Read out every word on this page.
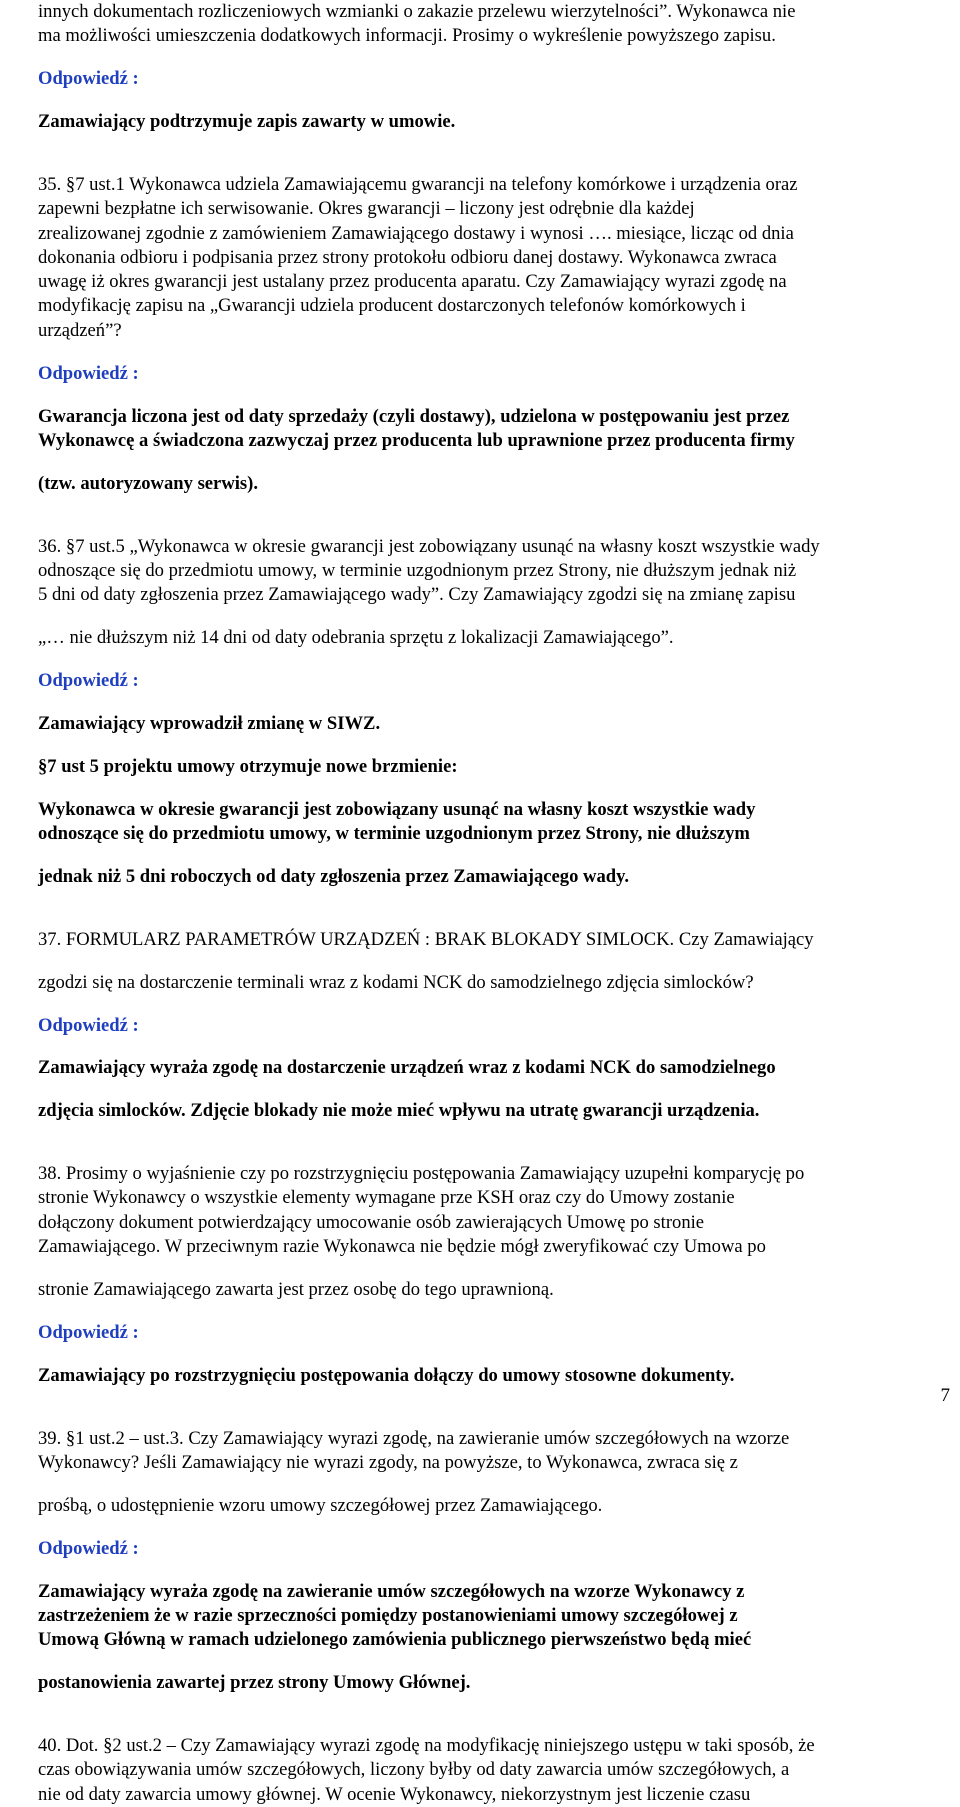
innych dokumentach rozliczeniowych wzmianki o zakazie przelewu wierzytelności”. Wykonawca nie

ma możliwości umieszczenia dodatkowych informacji. Prosimy o wykreślenie powyższego zapisu.

Odpowiedź :

Zamawiający podtrzymuje zapis zawarty w umowie.

35. §7 ust.1 Wykonawca udziela Zamawiającemu gwarancji na telefony komórkowe i urządzenia oraz

zapewni bezpłatne ich serwisowanie. Okres gwarancji – liczony jest odrębnie dla każdej

zrealizowanej zgodnie z zamówieniem Zamawiającego dostawy i wynosi …. miesiące, licząc od dnia

dokonania odbioru i podpisania przez strony protokołu odbioru danej dostawy. Wykonawca zwraca

uwagę iż okres gwarancji jest ustalany przez producenta aparatu. Czy Zamawiający wyrazi zgodę na

modyfikację zapisu na „Gwarancji udziela producent dostarczonych telefonów komórkowych i

urządzeń”?

Odpowiedź :

Gwarancja liczona jest od daty sprzedaży (czyli dostawy), udzielona w postępowaniu jest przez

Wykonawcę a świadczona zazwyczaj przez producenta lub uprawnione przez producenta firmy

(tzw. autoryzowany serwis).

36. §7 ust.5 „Wykonawca w okresie gwarancji jest zobowiązany usunąć na własny koszt wszystkie wady

odnoszące się do przedmiotu umowy, w terminie uzgodnionym przez Strony, nie dłuższym jednak niż

5 dni od daty zgłoszenia przez Zamawiającego wady”. Czy Zamawiający zgodzi się na zmianę zapisu

„… nie dłuższym niż 14 dni od daty odebrania sprzętu z lokalizacji Zamawiającego”.

Odpowiedź :

Zamawiający wprowadził zmianę w SIWZ.

§7 ust 5 projektu umowy otrzymuje nowe brzmienie:

Wykonawca w okresie gwarancji jest zobowiązany usunąć na własny koszt wszystkie wady

odnoszące się do przedmiotu umowy, w terminie uzgodnionym przez Strony, nie dłuższym

jednak niż 5 dni roboczych od daty zgłoszenia przez Zamawiającego wady.

37. FORMULARZ PARAMETRÓW URZĄDZEŃ : BRAK BLOKADY SIMLOCK. Czy Zamawiający

zgodzi się na dostarczenie terminali wraz z kodami NCK do samodzielnego zdjęcia simlocków?

Odpowiedź :

Zamawiający wyraża zgodę na dostarczenie urządzeń wraz z kodami NCK do samodzielnego

zdjęcia simlocków. Zdjęcie blokady nie może mieć wpływu na utratę gwarancji urządzenia.

38. Prosimy o wyjaśnienie czy po rozstrzygnięciu postępowania Zamawiający uzupełni komparycję po

stronie Wykonawcy o wszystkie elementy wymagane prze KSH oraz czy do Umowy zostanie

dołączony dokument potwierdzający umocowanie osób zawierających Umowę po stronie

Zamawiającego. W przeciwnym razie Wykonawca nie będzie mógł zweryfikować czy Umowa po

stronie Zamawiającego zawarta jest przez osobę do tego uprawnioną.

Odpowiedź :

Zamawiający po rozstrzygnięciu postępowania dołączy do umowy stosowne dokumenty.

39. §1 ust.2 – ust.3. Czy Zamawiający wyrazi zgodę, na zawieranie umów szczegółowych na wzorze

Wykonawcy? Jeśli Zamawiający nie wyrazi zgody, na powyższe, to Wykonawca, zwraca się z

prośbą, o udostępnienie wzoru umowy szczegółowej przez Zamawiającego.

Odpowiedź :

Zamawiający wyraża zgodę na zawieranie umów szczegółowych na wzorze Wykonawcy z

zastrzeżeniem że w razie sprzeczności pomiędzy postanowieniami umowy szczegółowej z

Umową Główną w ramach udzielonego zamówienia publicznego pierwszeństwo będą mieć

postanowienia zawartej przez strony Umowy Głównej.

40. Dot. §2 ust.2 – Czy Zamawiający wyrazi zgodę na modyfikację niniejszego ustępu w taki sposób, że

czas obowiązywania umów szczegółowych, liczony byłby od daty zawarcia umów szczegółowych, a

nie od daty zawarcia umowy głównej. W ocenie Wykonawcy, niekorzystnym jest liczenie czasu

7
